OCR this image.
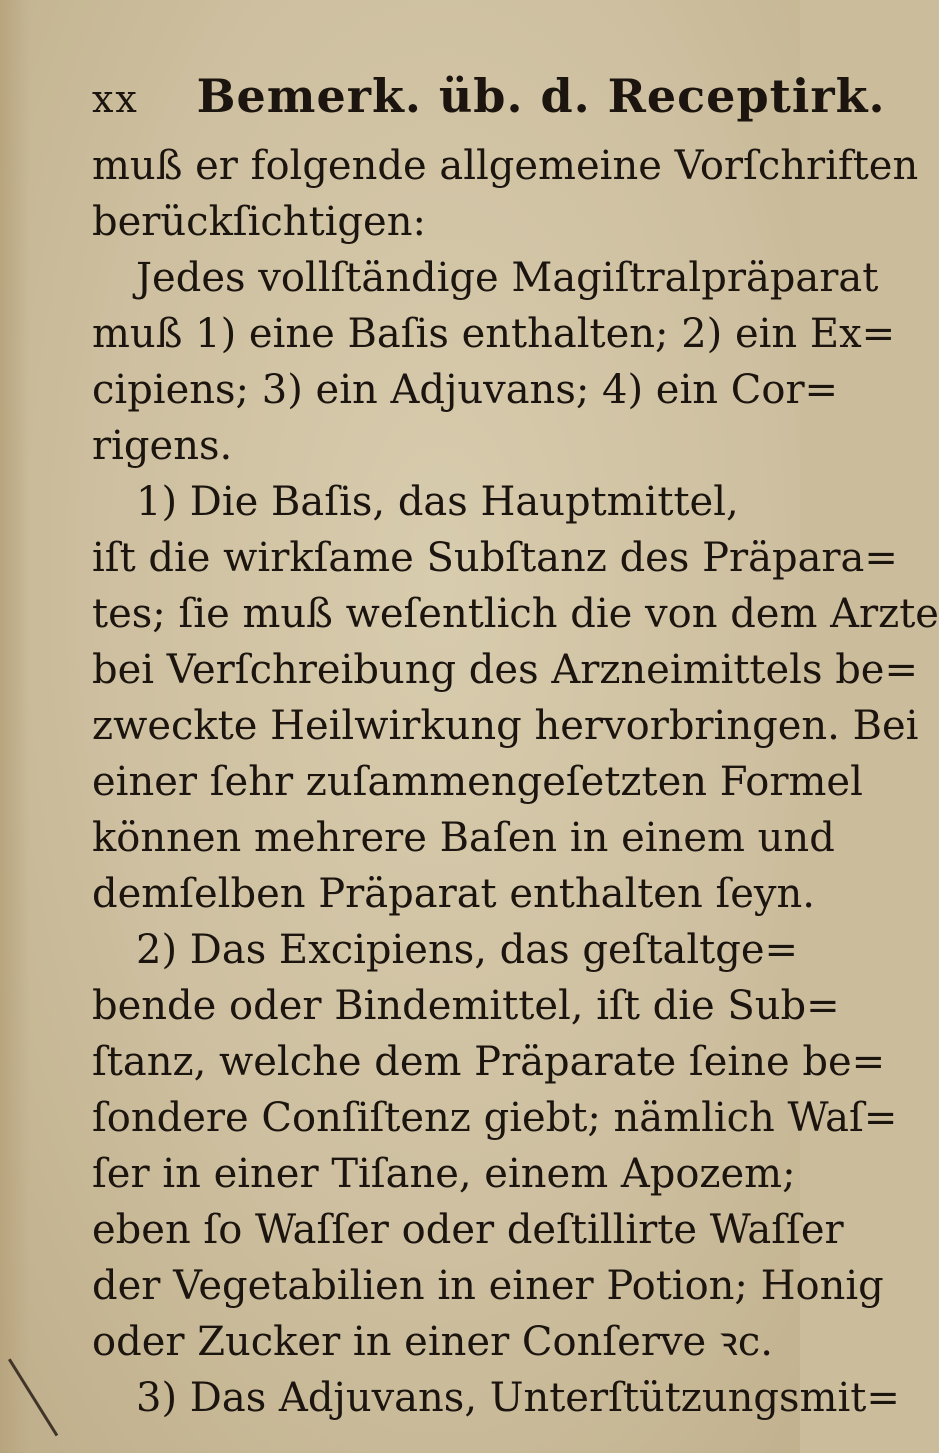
xx Bemerk. üb. d. Receptirk.
muß er folgende allgemeine Vorſchriften
berückſichtigen:
Jedes vollſtändige Magiſtralpräparat
muß 1) eine Baſis enthalten; 2) ein Ex=
cipiens; 3) ein Adjuvans; 4) ein Cor=
rigens.
1) Die Baſis, das Hauptmittel,
iſt die wirkſame Subſtanz des Präpara=
tes; ſie muß weſentlich die von dem Arzte
bei Verſchreibung des Arzneimittels be=
zweckte Heilwirkung hervorbringen. Bei
einer ſehr zuſammengeſetzten Formel
können mehrere Baſen in einem und
demſelben Präparat enthalten ſeyn.
2) Das Excipiens, das geſtaltge=
bende oder Bindemittel, iſt die Sub=
ſtanz, welche dem Präparate ſeine be=
ſondere Conſiſtenz giebt; nämlich Waſ=
ſer in einer Tiſane, einem Apozem;
eben ſo Waſſer oder deſtillirte Waſſer
der Vegetabilien in einer Potion; Honig
oder Zucker in einer Conſerve ꝛc.
3) Das Adjuvans, Unterſtützungsmit=
